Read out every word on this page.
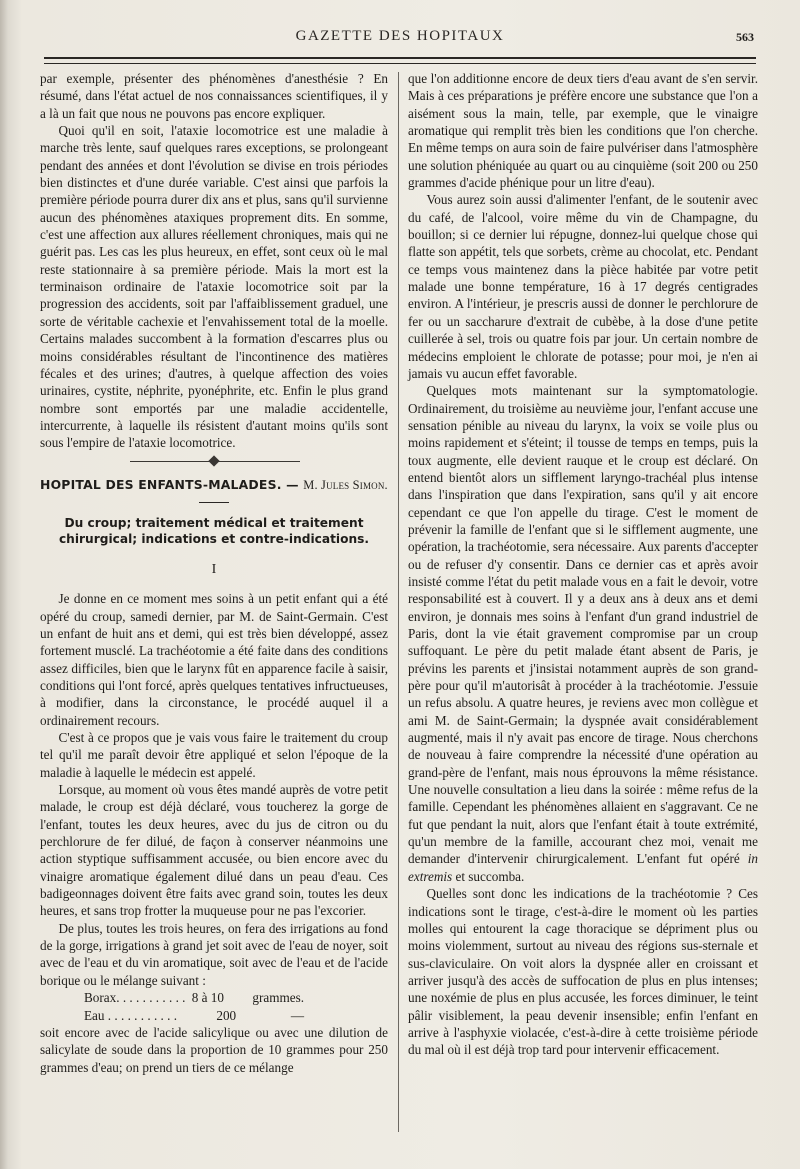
GAZETTE DES HOPITAUX	563

par exemple, présenter des phénomènes d'anesthésie ? En résumé, dans l'état actuel de nos connaissances scientifiques, il y a là un fait que nous ne pouvons pas encore expliquer.

Quoi qu'il en soit, l'ataxie locomotrice est une maladie à marche très lente, sauf quelques rares exceptions, se prolongeant pendant des années et dont l'évolution se divise en trois périodes bien distinctes et d'une durée variable. C'est ainsi que parfois la première période pourra durer dix ans et plus, sans qu'il survienne aucun des phénomènes ataxiques proprement dits. En somme, c'est une affection aux allures réellement chroniques, mais qui ne guérit pas. Les cas les plus heureux, en effet, sont ceux où le mal reste stationnaire à sa première période. Mais la mort est la terminaison ordinaire de l'ataxie locomotrice soit par la progression des accidents, soit par l'affaiblissement graduel, une sorte de véritable cachexie et l'envahissement total de la moelle. Certains malades succombent à la formation d'escarres plus ou moins considérables résultant de l'incontinence des matières fécales et des urines; d'autres, à quelque affection des voies urinaires, cystite, néphrite, pyonéphrite, etc. Enfin le plus grand nombre sont emportés par une maladie accidentelle, intercurrente, à laquelle ils résistent d'autant moins qu'ils sont sous l'empire de l'ataxie locomotrice.

HOPITAL DES ENFANTS-MALADES. — M. Jules Simon.
Du croup; traitement médical et traitement chirurgical; indications et contre-indications.
I

Je donne en ce moment mes soins à un petit enfant qui a été opéré du croup, samedi dernier, par M. de Saint-Germain. C'est un enfant de huit ans et demi, qui est très bien développé, assez fortement musclé. La trachéotomie a été faite dans des conditions assez difficiles, bien que le larynx fût en apparence facile à saisir, conditions qui l'ont forcé, après quelques tentatives infructueuses, à modifier, dans la circonstance, le procédé auquel il a ordinairement recours.

C'est à ce propos que je vais vous faire le traitement du croup tel qu'il me paraît devoir être appliqué et selon l'époque de la maladie à laquelle le médecin est appelé.

Lorsque, au moment où vous êtes mandé auprès de votre petit malade, le croup est déjà déclaré, vous toucherez la gorge de l'enfant, toutes les deux heures, avec du jus de citron ou du perchlorure de fer dilué, de façon à conserver néanmoins une action styptique suffisamment accusée, ou bien encore avec du vinaigre aromatique également dilué dans un peau d'eau. Ces badigeonnages doivent être faits avec grand soin, toutes les deux heures, et sans trop frotter la muqueuse pour ne pas l'excorier.

De plus, toutes les trois heures, on fera des irrigations au fond de la gorge, irrigations à grand jet soit avec de l'eau de noyer, soit avec de l'eau et du vin aromatique, soit avec de l'eau et de l'acide borique ou le mélange suivant :

Borax. . . . . . . . . . . 8 à 10	grammes.
Eau . . . . . . . . . . .	200	—

soit encore avec de l'acide salicylique ou avec une dilution de salicylate de soude dans la proportion de 10 grammes pour 250 grammes d'eau; on prend un tiers de ce mélange

que l'on additionne encore de deux tiers d'eau avant de s'en servir. Mais à ces préparations je préfère encore une substance que l'on a aisément sous la main, telle, par exemple, que le vinaigre aromatique qui remplit très bien les conditions que l'on cherche. En même temps on aura soin de faire pulvériser dans l'atmosphère une solution phéniquée au quart ou au cinquième (soit 200 ou 250 grammes d'acide phénique pour un litre d'eau).

Vous aurez soin aussi d'alimenter l'enfant, de le soutenir avec du café, de l'alcool, voire même du vin de Champagne, du bouillon; si ce dernier lui répugne, donnez-lui quelque chose qui flatte son appétit, tels que sorbets, crème au chocolat, etc. Pendant ce temps vous maintenez dans la pièce habitée par votre petit malade une bonne température, 16 à 17 degrés centigrades environ. A l'intérieur, je prescris aussi de donner le perchlorure de fer ou un saccharure d'extrait de cubèbe, à la dose d'une petite cuillerée à sel, trois ou quatre fois par jour. Un certain nombre de médecins emploient le chlorate de potasse; pour moi, je n'en ai jamais vu aucun effet favorable.

Quelques mots maintenant sur la symptomatologie. Ordinairement, du troisième au neuvième jour, l'enfant accuse une sensation pénible au niveau du larynx, la voix se voile plus ou moins rapidement et s'éteint; il tousse de temps en temps, puis la toux augmente, elle devient rauque et le croup est déclaré. On entend bientôt alors un sifflement laryngo-trachéal plus intense dans l'inspiration que dans l'expiration, sans qu'il y ait encore cependant ce que l'on appelle du tirage. C'est le moment de prévenir la famille de l'enfant que si le sifflement augmente, une opération, la trachéotomie, sera nécessaire. Aux parents d'accepter ou de refuser d'y consentir. Dans ce dernier cas et après avoir insisté comme l'état du petit malade vous en a fait le devoir, votre responsabilité est à couvert. Il y a deux ans à deux ans et demi environ, je donnais mes soins à l'enfant d'un grand industriel de Paris, dont la vie était gravement compromise par un croup suffoquant. Le père du petit malade étant absent de Paris, je prévins les parents et j'insistai notamment auprès de son grand-père pour qu'il m'autorisât à procéder à la trachéotomie. J'essuie un refus absolu. A quatre heures, je reviens avec mon collègue et ami M. de Saint-Germain; la dyspnée avait considérablement augmenté, mais il n'y avait pas encore de tirage. Nous cherchons de nouveau à faire comprendre la nécessité d'une opération au grand-père de l'enfant, mais nous éprouvons la même résistance. Une nouvelle consultation a lieu dans la soirée : même refus de la famille. Cependant les phénomènes allaient en s'aggravant. Ce ne fut que pendant la nuit, alors que l'enfant était à toute extrémité, qu'un membre de la famille, accourant chez moi, venait me demander d'intervenir chirurgicalement. L'enfant fut opéré in extremis et succomba.

Quelles sont donc les indications de la trachéotomie ? Ces indications sont le tirage, c'est-à-dire le moment où les parties molles qui entourent la cage thoracique se dépriment plus ou moins violemment, surtout au niveau des régions sus-sternale et sus-claviculaire. On voit alors la dyspnée aller en croissant et arriver jusqu'à des accès de suffocation de plus en plus intenses; une noxémie de plus en plus accusée, les forces diminuer, le teint pâlir visiblement, la peau devenir insensible; enfin l'enfant en arrive à l'asphyxie violacée, c'est-à-dire à cette troisième période du mal où il est déjà trop tard pour intervenir efficacement.
